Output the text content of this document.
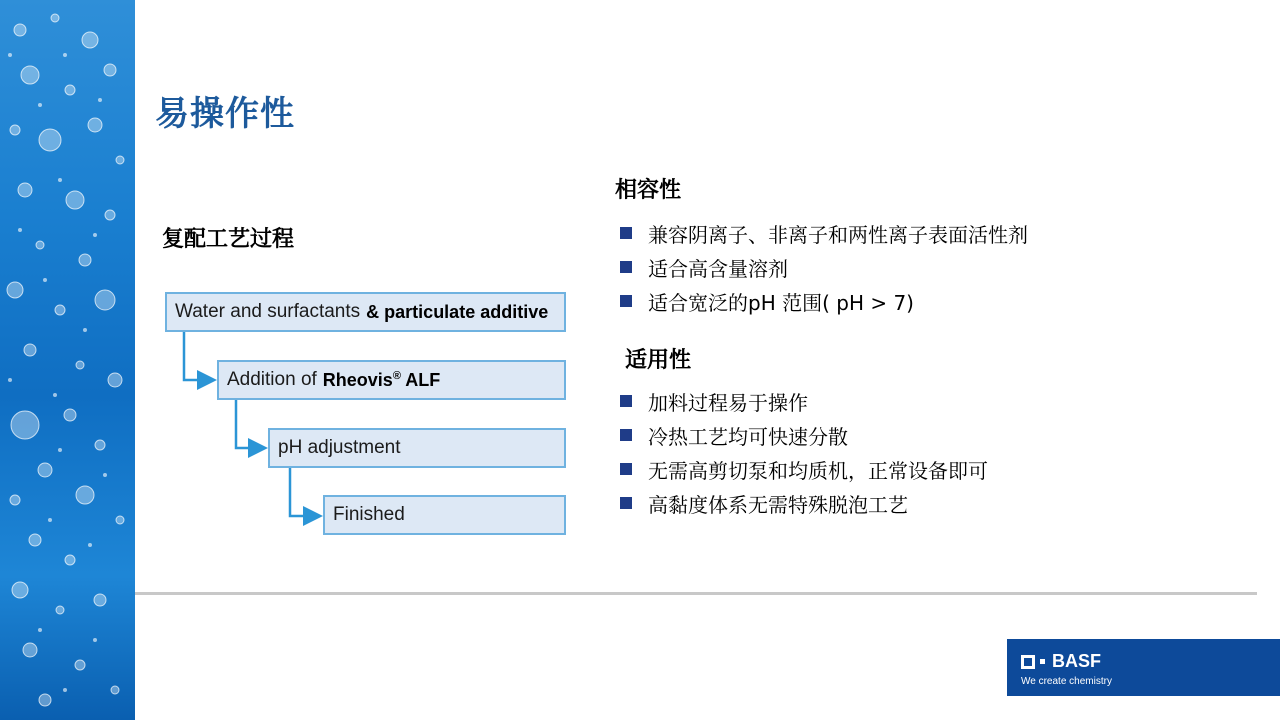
易操作性
复配工艺过程
Water and surfactants & particulate additive
Addition of Rheovis® ALF
pH adjustment
Finished
相容性
兼容阴离子、非离子和两性离子表面活性剂
适合高含量溶剂
适合宽泛的pH 范围( pH > 7)
适用性
加料过程易于操作
冷热工艺均可快速分散
无需高剪切泵和均质机，正常设备即可
高黏度体系无需特殊脱泡工艺
BASF
We create chemistry
